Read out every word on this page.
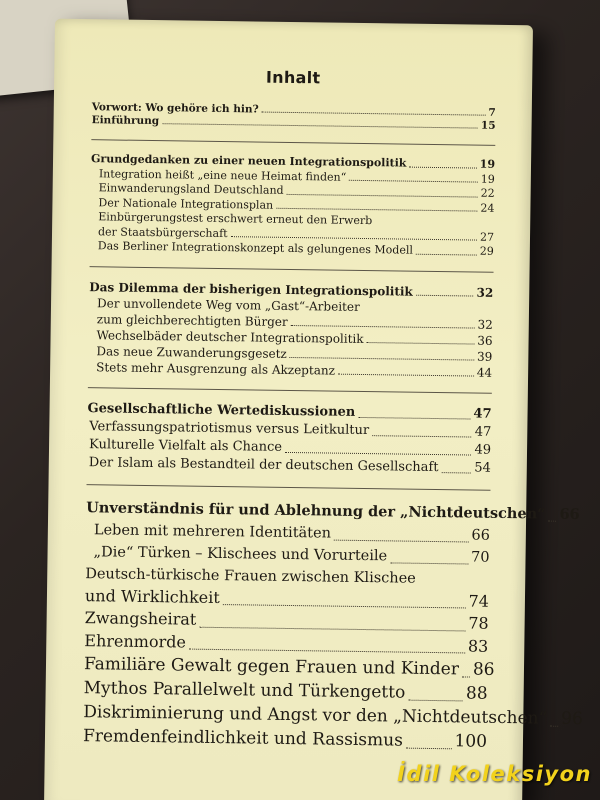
Inhalt
Vorwort: Wo gehöre ich hin?	7
Einführung	15
Grundgedanken zu einer neuen Integrationspolitik	19
Integration heißt „eine neue Heimat finden“	19
Einwanderungsland Deutschland	22
Der Nationale Integrationsplan	24
Einbürgerungstest erschwert erneut den Erwerb
der Staatsbürgerschaft	27
Das Berliner Integrationskonzept als gelungenes Modell	29
Das Dilemma der bisherigen Integrationspolitik	32
Der unvollendete Weg vom „Gast“-Arbeiter
zum gleichberechtigten Bürger	32
Wechselbäder deutscher Integrationspolitik	36
Das neue Zuwanderungsgesetz	39
Stets mehr Ausgrenzung als Akzeptanz	44
Gesellschaftliche Wertediskussionen	47
Verfassungspatriotismus versus Leitkultur	47
Kulturelle Vielfalt als Chance	49
Der Islam als Bestandteil der deutschen Gesellschaft	54
Unverständnis für und Ablehnung der „Nichtdeutschen“ 66
Leben mit mehreren Identitäten	66
„Die“ Türken – Klischees und Vorurteile	70
Deutsch-türkische Frauen zwischen Klischee
und Wirklichkeit	74
Zwangsheirat	78
Ehrenmorde	83
Familiäre Gewalt gegen Frauen und Kinder 86
Mythos Parallelwelt und Türkengetto	88
Diskriminierung und Angst vor den „Nichtdeutschen“ 96
Fremdenfeindlichkeit und Rassismus	100
İdil Koleksiyon
